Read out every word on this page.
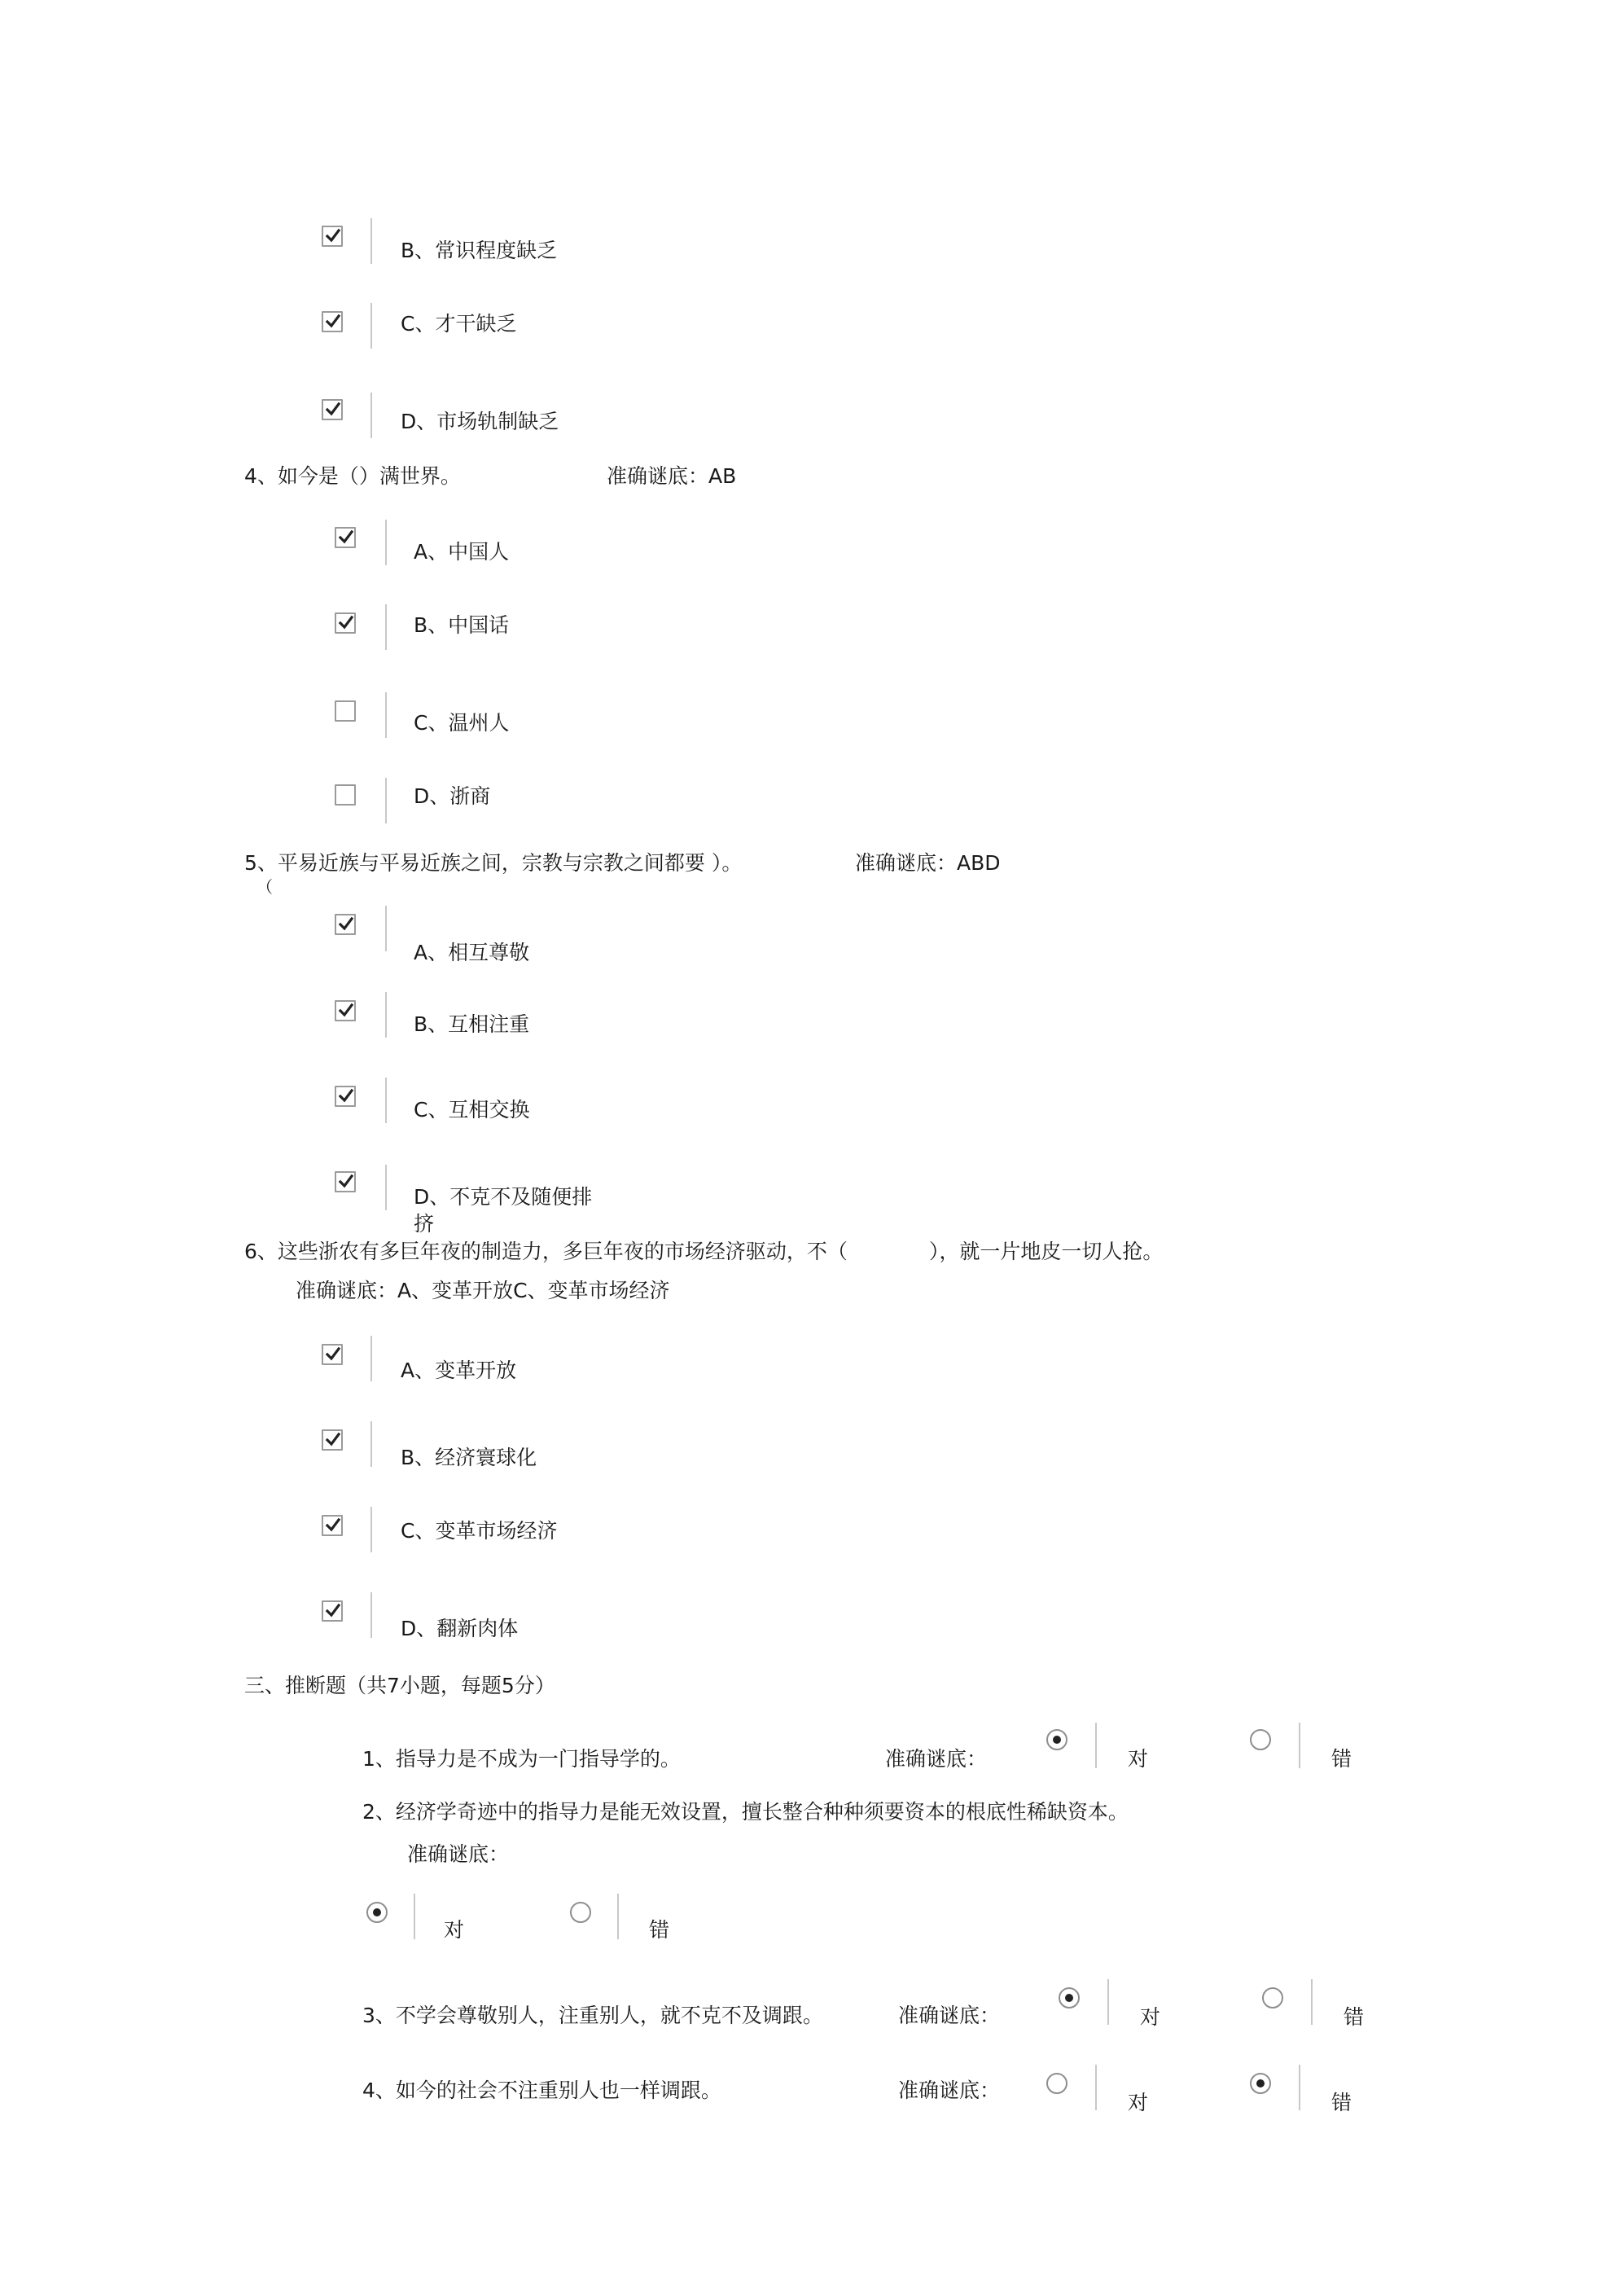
B、常识程度缺乏
C、才干缺乏
D、市场轨制缺乏
4、如今是（）满世界。	准确谜底：AB
A、中国人
B、中国话
C、温州人
D、浙商
5、平易近族与平易近族之间，宗教与宗教之间都要 ）。
（
准确谜底：ABD
A、相互尊敬
B、互相注重
C、互相交换
D、不克不及随便排
挤
6、这些浙农有多巨年夜的制造力，多巨年夜的市场经济驱动，不（　　　　），就一片地皮一切人抢。
准确谜底：A、变革开放C、变革市场经济
A、变革开放
B、经济寰球化
C、变革市场经济
D、翻新肉体
三、推断题（共7小题，每题5分）
1、指导力是不成为一门指导学的。	准确谜底：	对	错
2、经济学奇迹中的指导力是能无效设置，擅长整合种种须要资本的根底性稀缺资本。
准确谜底：
对	错
3、不学会尊敬别人，注重别人，就不克不及调跟。	准确谜底：	对	错
4、如今的社会不注重别人也一样调跟。	准确谜底：
对	错
